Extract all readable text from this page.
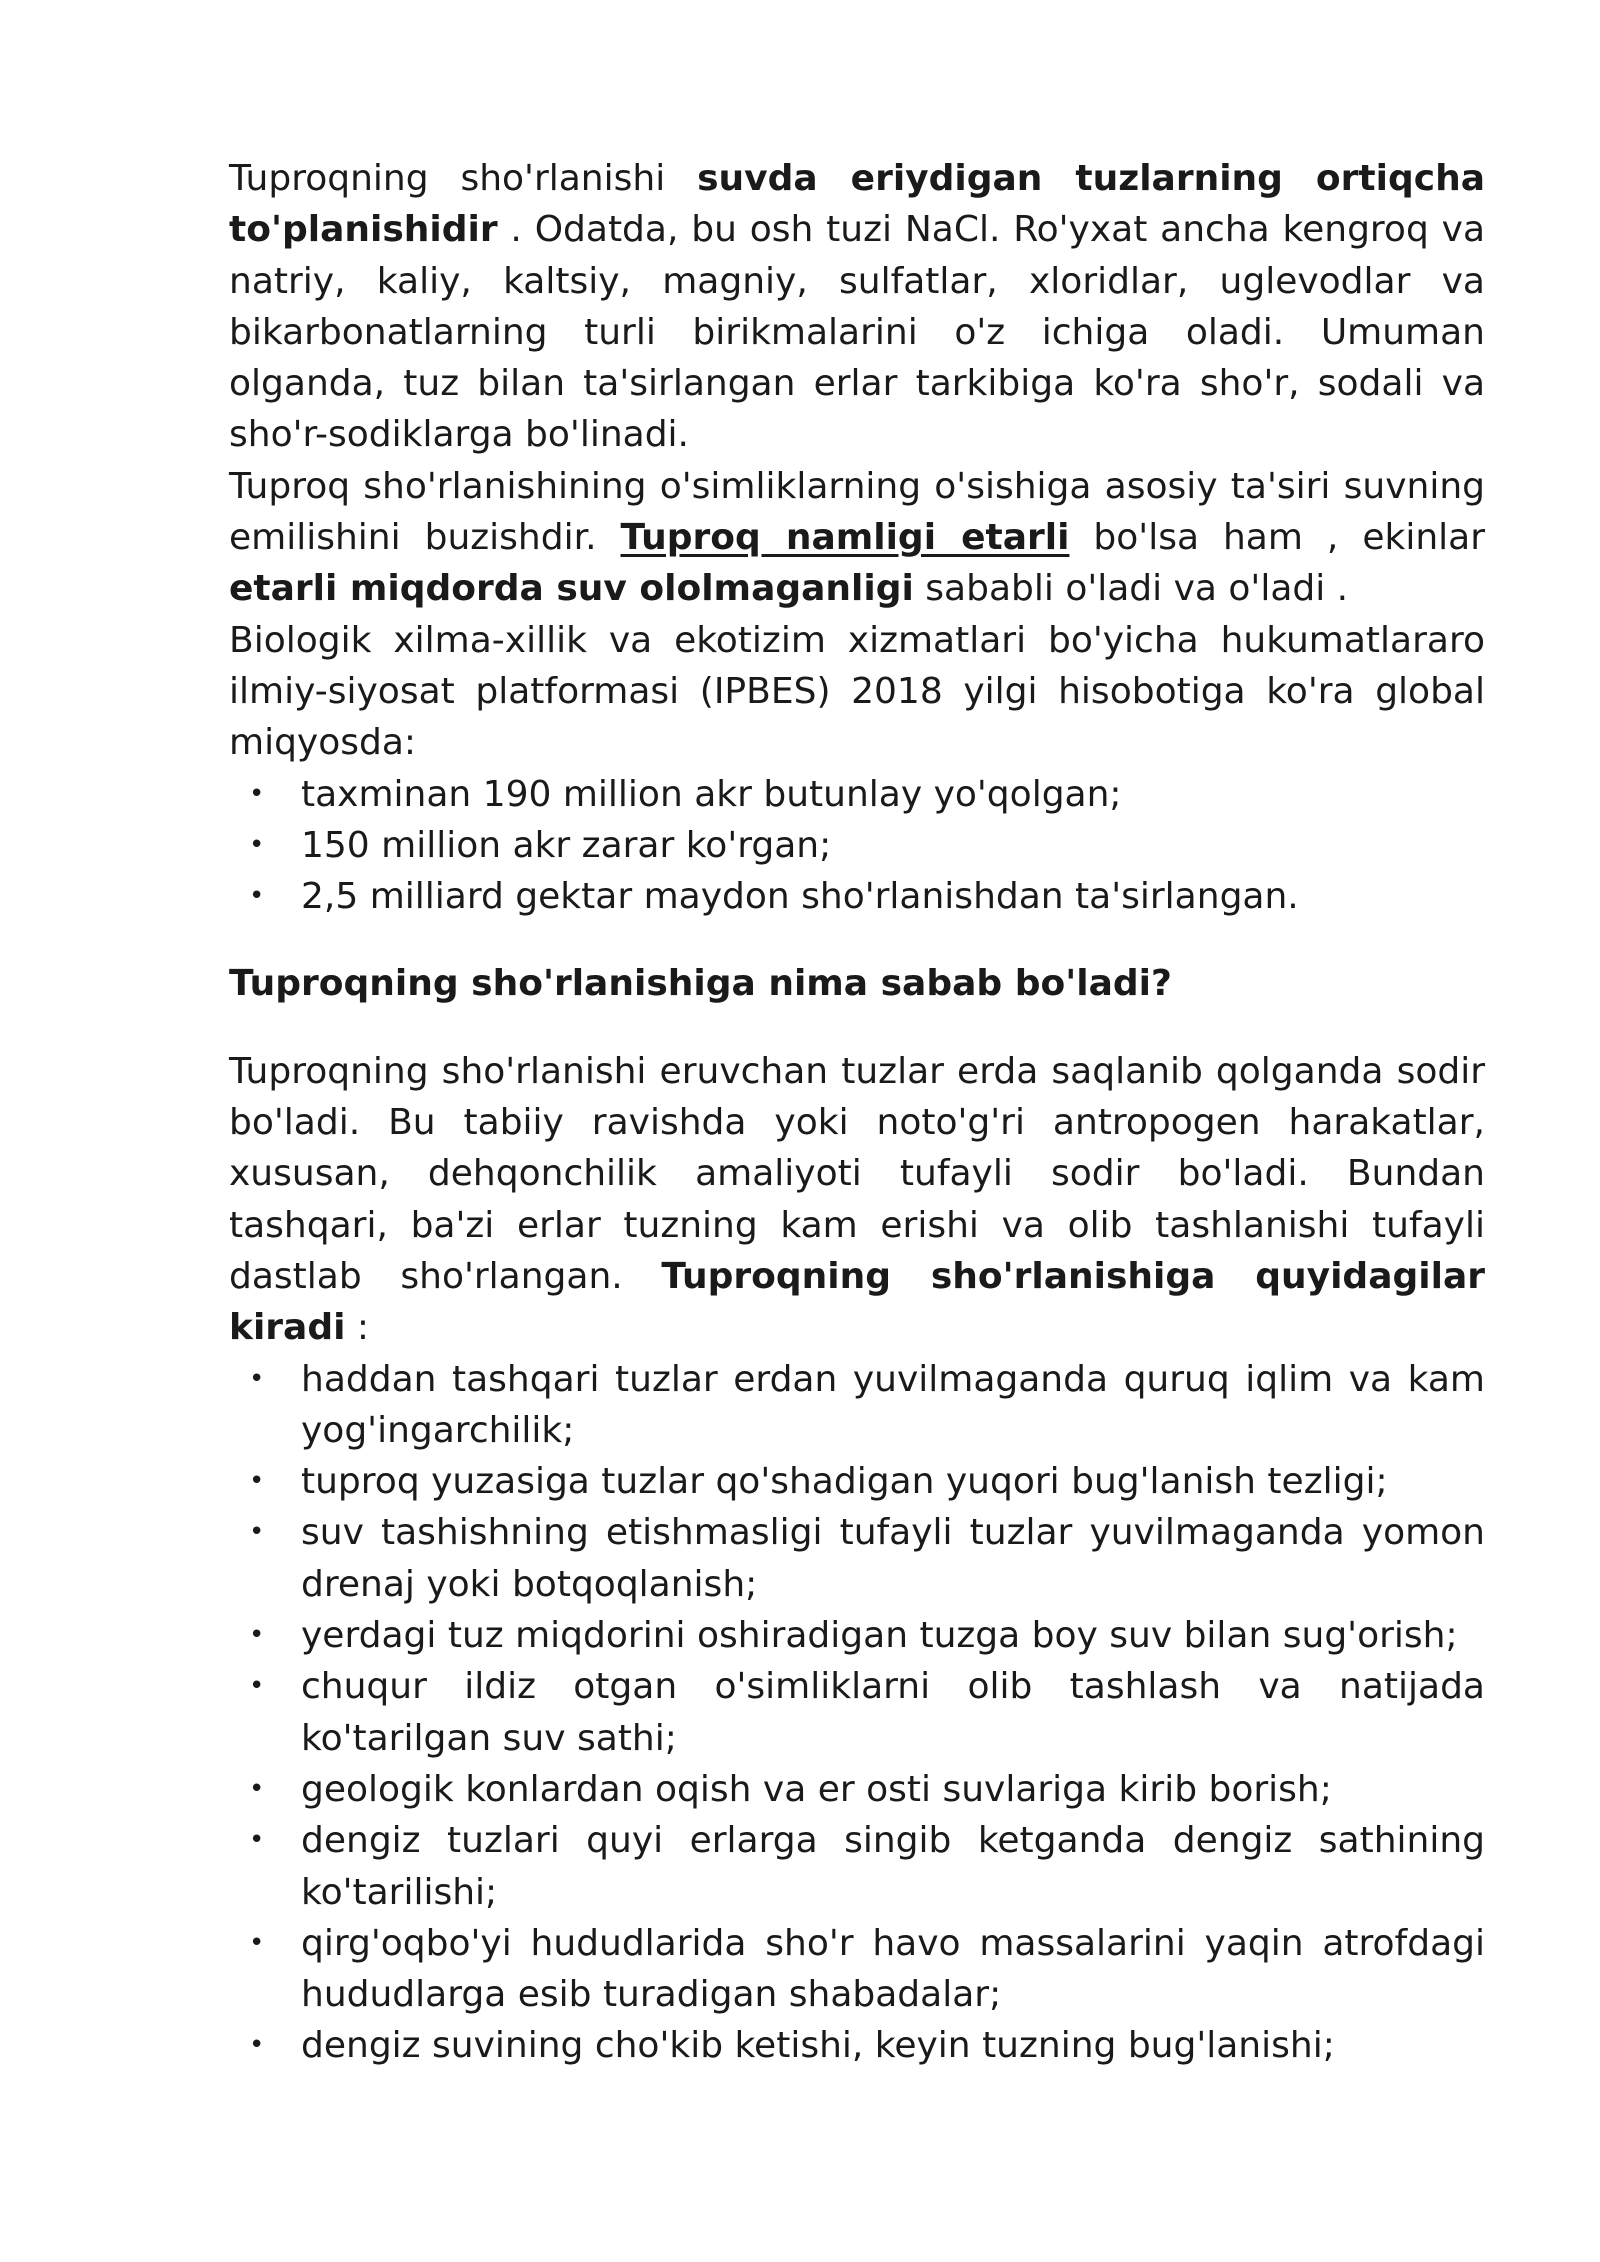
Tuproqning sho'rlanishi suvda eriydigan tuzlarning ortiqcha to'planishidir . Odatda, bu osh tuzi NaCl. Ro'yxat ancha kengroq va natriy, kaliy, kaltsiy, magniy, sulfatlar, xloridlar, uglevodlar va bikarbonatlarning turli birikmalarini o'z ichiga oladi. Umuman olganda, tuz bilan ta'sirlangan erlar tarkibiga ko'ra sho'r, sodali va sho'r-sodiklarga bo'linadi.

Tuproq sho'rlanishining o'simliklarning o'sishiga asosiy ta'siri suvning emilishini buzishdir. Tuproq namligi etarli bo'lsa ham , ekinlar etarli miqdorda suv ololmaganligi sababli o'ladi va o'ladi .

Biologik xilma-xillik va ekotizim xizmatlari bo'yicha hukumatlararo ilmiy-siyosat platformasi (IPBES) 2018 yilgi hisobotiga ko'ra global miqyosda:

• taxminan 190 million akr butunlay yo'qolgan;
• 150 million akr zarar ko'rgan;
• 2,5 milliard gektar maydon sho'rlanishdan ta'sirlangan.
Tuproqning sho'rlanishiga nima sabab bo'ladi?

Tuproqning sho'rlanishi eruvchan tuzlar erda saqlanib qolganda sodir bo'ladi. Bu tabiiy ravishda yoki noto'g'ri antropogen harakatlar, xususan, dehqonchilik amaliyoti tufayli sodir bo'ladi. Bundan tashqari, ba'zi erlar tuzning kam erishi va olib tashlanishi tufayli dastlab sho'rlangan. Tuproqning sho'rlanishiga quyidagilar kiradi :

• haddan tashqari tuzlar erdan yuvilmaganda quruq iqlim va kam yog'ingarchilik;
• tuproq yuzasiga tuzlar qo'shadigan yuqori bug'lanish tezligi;
• suv tashishning etishmasligi tufayli tuzlar yuvilmaganda yomon drenaj yoki botqoqlanish;
• yerdagi tuz miqdorini oshiradigan tuzga boy suv bilan sug'orish;
• chuqur ildiz otgan o'simliklarni olib tashlash va natijada ko'tarilgan suv sathi;
• geologik konlardan oqish va er osti suvlariga kirib borish;
• dengiz tuzlari quyi erlarga singib ketganda dengiz sathining ko'tarilishi;
• qirg'oqbo'yi hududlarida sho'r havo massalarini yaqin atrofdagi hududlarga esib turadigan shabadalar;
• dengiz suvining cho'kib ketishi, keyin tuzning bug'lanishi;
